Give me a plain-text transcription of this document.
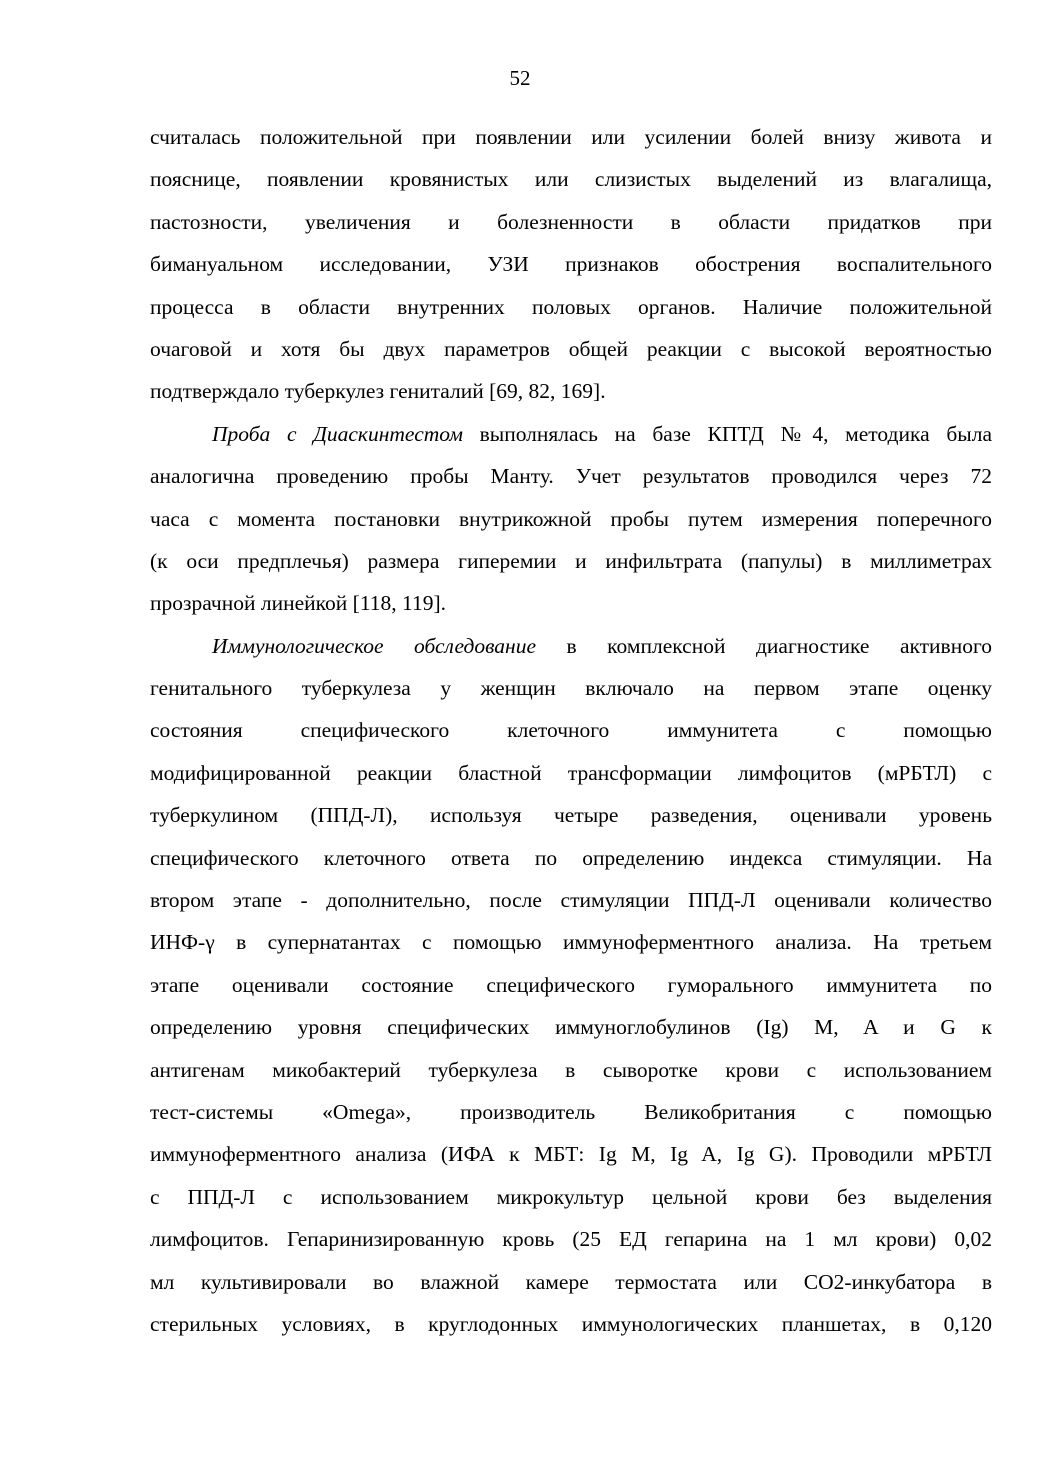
52
считалась положительной при появлении или усилении болей внизу живота и
пояснице, появлении кровянистых или слизистых выделений из влагалища,
пастозности, увеличения и болезненности в области придатков при
бимануальном исследовании, УЗИ признаков обострения воспалительного
процесса в области внутренних половых органов. Наличие положительной
очаговой и хотя бы двух параметров общей реакции с высокой вероятностью
подтверждало туберкулез гениталий [69, 82, 169].
Проба с Диаскинтестом выполнялась на базе КПТД №4, методика была
аналогична проведению пробы Манту. Учет результатов проводился через 72
часа с момента постановки внутрикожной пробы путем измерения поперечного
(к оси предплечья) размера гиперемии и инфильтрата (папулы) в миллиметрах
прозрачной линейкой [118, 119].
Иммунологическое обследование в комплексной диагностике активного
генитального туберкулеза у женщин включало на первом этапе оценку
состояния специфического клеточного иммунитета с помощью
модифицированной реакции бластной трансформации лимфоцитов (мРБТЛ) с
туберкулином (ППД-Л), используя четыре разведения, оценивали уровень
специфического клеточного ответа по определению индекса стимуляции. На
втором этапе - дополнительно, после стимуляции ППД-Л оценивали количество
ИНФ-γ в супернатантах с помощью иммуноферментного анализа. На третьем
этапе оценивали состояние специфического гуморального иммунитета по
определению уровня специфических иммуноглобулинов (Ig) M, A и G к
антигенам микобактерий туберкулеза в сыворотке крови с использованием
тест-системы «Omega», производитель Великобритания с помощью
иммуноферментного анализа (ИФА к МБТ: Ig M, Ig A, Ig G). Проводили мРБТЛ
с ППД-Л с использованием микрокультур цельной крови без выделения
лимфоцитов. Гепаринизированную кровь (25 ЕД гепарина на 1 мл крови) 0,02
мл культивировали во влажной камере термостата или СО2-инкубатора в
стерильных условиях, в круглодонных иммунологических планшетах, в 0,120
